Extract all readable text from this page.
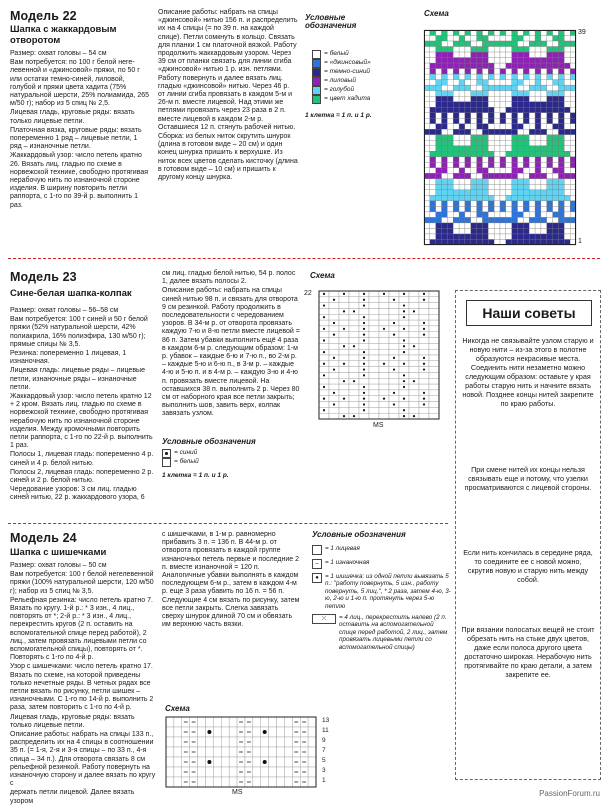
Модель 22
Шапка с жаккардовым отворотом

Размер: охват головы – 54 см

Вам потребуется: по 100 г белой негелевенной и «джинсовой» пряжи, по 50 г или остатки темно-синей, лиловой, голубой и пряжи цвета хадита (75% натуральной шерсти, 25% полиамида, 265 м/50 г); набор из 5 спиц № 2,5.

Лицевая гладь, круговые ряды: вязать только лицевые петли.

Платочная вязка, круговые ряды: вязать попеременно 1 ряд – лицевые петли, 1 ряд – изнаночные петли.

Жаккардовый узор: число петель кратно 26. Вязать лиц. гладью по схеме в норвежской технике, свободно протягивая нерабочую нить по изнаночной стороне изделия. В ширину повторить петли раппорта, с 1-го по 39-й р. выполнить 1 раз.

Описание работы: набрать на спицы «джинсовой» нитью 156 п. и распределить их на 4 спицы (= по 39 п. на каждой спице). Петли сомкнуть в кольцо. Связать для планки 1 см платочной вязкой. Работу продолжить жаккардовым узором. Через 39 см от планки связать для линии сгиба «джинсовой» нитью 1 р. изн. петлями. Работу повернуть и далее вязать лиц. гладью «джинсовой» нитью. Через 46 р. от линии сгиба провязать в каждом 5-м и 26-м п. вместе лицевой. Над этими же петлями провязать через 23 раза в 2 п. вместе лицевой в каждом 2-м р. Оставшиеся 12 п. стянуть рабочей нитью.

Сборка: из белых ниток скрутить шнурок (длина в готовом виде – 20 см) и один конец шнурка пришить к верхушке. Из ниток всех цветов сделать кисточку (длина в готовом виде – 10 см) и пришить к другому концу шнурка.

Условные обозначения
= белый
= «джинсовый»
= темно-синий
= лиловый
= голубой
= цвет хадита
1 клетка = 1 п. и 1 р.
Схема
39
1
Модель 23
Сине-белая шапка-колпак

Размер: охват головы – 56–58 см

Вам потребуется: 100 г синей и 50 г белой пряжи (52% натуральной шерсти, 42% полиакрила, 16% полиэфира, 130 м/50 г); прямые спицы № 3,5.

Резинка: попеременно 1 лицевая, 1 изнаночная.

Лицевая гладь: лицевые ряды – лицевые петли, изнаночные ряды – изнаночные петли.

Жаккардовый узор: число петель кратно 12 + 2 кром. Вязать лиц. гладью по схеме в норвежской технике, свободно протягивая нерабочую нить по изнаночной стороне изделия. Между кромочными повторить петли раппорта, с 1-го по 22-й р. выполнить 1 раз.

Полосы 1, лицевая гладь: попеременно 4 р. синей и 4 р. белой нитью.

Полосы 2, лицевая гладь: попеременно 2 р. синей и 2 р. белой нитью.

Чередование узоров: 3 см лиц. гладью синей нитью, 22 р. жаккардового узора, 6

см лиц. гладью белой нитью, 54 р. полос 1, далее вязать полосы 2.

Описание работы: набрать на спицы синей нитью 98 п. и связать для отворота 9 см резинкой. Работу продолжить в последовательности с чередованием узоров. В 34-м р. от отворота провязать каждую 7-ю и 8-ю петли вместе лицевой = 86 п. Затем убавки выполнить ещё 4 раза в каждом 6-м р. следующим образом: 1-м р. убавок – каждые 6-ю и 7-ю п., во 2-м р. – каждые 5-ю и 6-ю п., в 3-м р. – каждые 4-ю и 5-ю п. и в 4-м р. – каждую 3-ю и 4-ю п. провязать вместе лицевой. На оставшихся 38 п. выполнить 2 р. Через 80 см от наборного края все петли закрыть; выполнить шов, завить верх, колпак завязать узлом.

Схема
22
MS
Условные обозначения
= синий
= белый
1 клетка = 1 п. и 1 р.
Модель 24
Шапка с шишечками

Размер: охват головы – 50 см

Вам потребуется: 100 г белой негелевенной пряжи (100% натуральной шерсти, 120 м/50 г); набор из 5 спиц № 3,5.

Рельефная резинка: число петель кратно 7. Вязать по кругу. 1-й р.: * 3 изн., 4 лиц., повторять от *; 2-й р.: * 3 изн., 4 лиц., перекрестить кругов (2 п. оставить на вспомогательной спице перед работой), 2 лиц., затем провязать лицевыми петли со вспомогательной спицы), повторять от *. Повторять с 1-го по 4-й р.

Узор с шишечками: число петель кратно 17. Вязать по схеме, на которой приведены только нечетные ряды. В четных рядах все петли вязать по рисунку, петли шишек – изнаночными. С 1-го по 14-й р. выполнить 2 раза, затем повторить с 1-го по 4-й р.

Лицевая гладь, круговые ряды: вязать только лицевые петли.

Описание работы: набрать на спицы 133 п., распределить их на 4 спицы в соотношении 35 п. (= 1-я, 2-я и 3-я спицы – по 33 п., 4-я спица – 34 п.). Для отворота связать 8 см рельефной резинкой. Работу повернуть на изнаночную сторону и далее вязать по кругу с

держать петли лицевой. Далее вязать узором

с шишечками, в 1-м р. равномерно прибавить 3 п. = 136 п. В 44-м р. от отворота провязать в каждой группе изнаночных петель первые и последние 2 п. вместе изнаночной = 120 п. Аналогичные убавки выполнять в каждом последующем 6-м р., затем в каждом 4-м р. еще 3 раза убавить по 16 п. = 56 п. Следующие 4 см вязать по рисунку, затем все петли закрыть. Слегка завязать сверху шнурок длиной 70 см и обвязать им верхнюю часть вязки.

Условные обозначения
= 1 лицевая
–	= 1 изнаночная
● = 1 шишечка: из одной петли вывязать 5 п.: "работу повернуть, 5 изн., работу повернуть, 5 лиц.", * 2 раза, затем 4-ю, 3-ю, 2-ю и 1-ю п. протянуть через 5-ю петлю
⤫	= 4 лиц., перекрестить налево (2 п. оставить на вспомогательной спице перед работой, 2 лиц., затем провязать лицевыми петли со вспомогательной спицы)
Схема
13
11
9
7
5
3
1
MS
Наши советы
Никогда не связывайте узлом старую и новую нити – из-за этого в полотне образуются некрасивые места. Соединить нити незаметно можно следующим образом: оставьте у края работы старую нить и начните вязать новой. Позднее концы нитей закрепите по краю работы.
При смене нитей их концы нельзя связывать еще и потому, что узелки просматриваются с лицевой стороны.
Если нить кончилась в середине ряда, то соедините ее с новой можно, скрутив новую и старую нить между собой.
При вязании полосатых вещей не стоит обрезать нить на стыке двух цветов, даже если полоса другого цвета достаточно широкая. Нерабочую нить протягивайте по краю детали, а затем закрепите ее.
PassionForum.ru
